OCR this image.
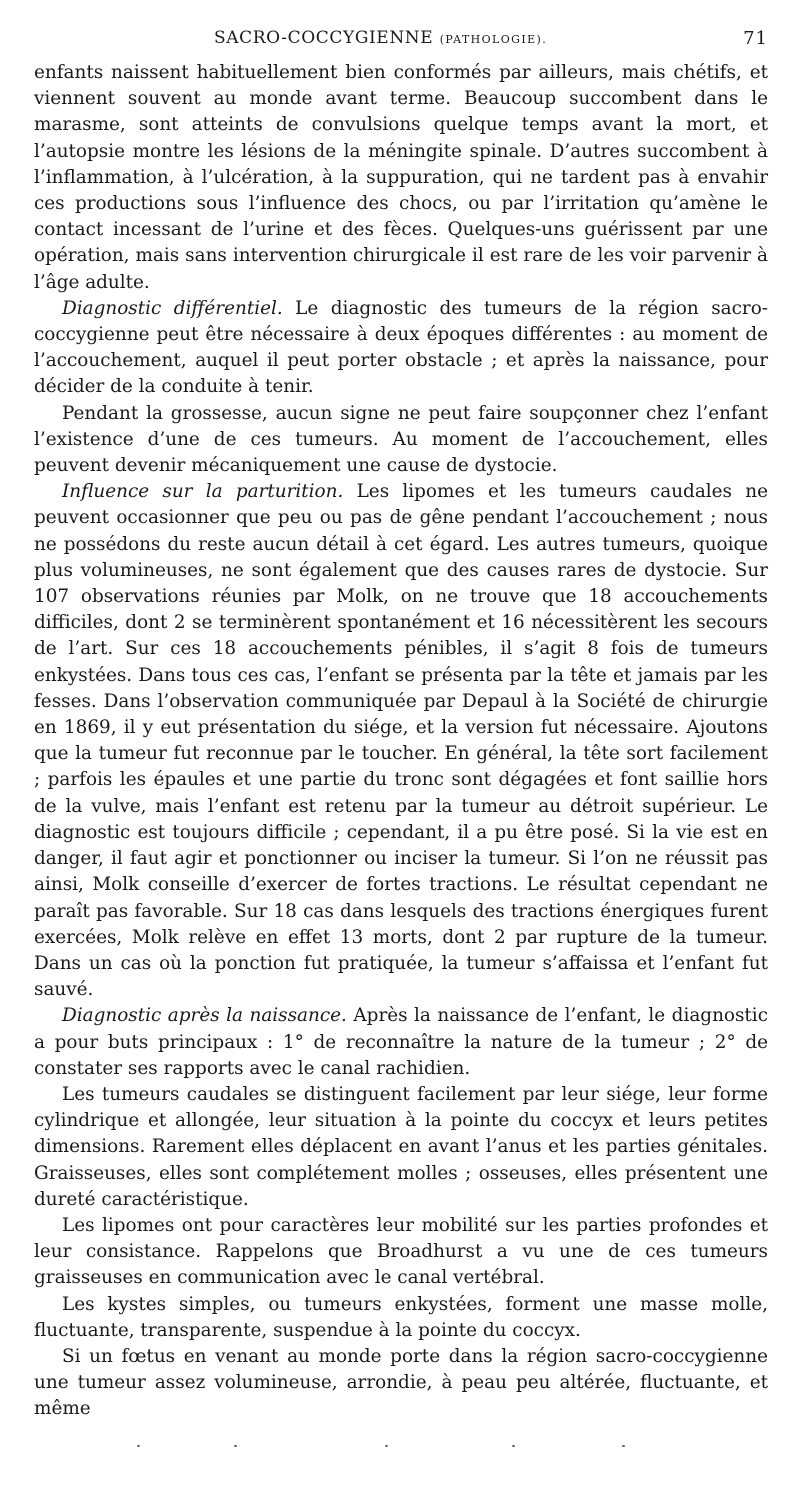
SACRO-COCCYGIENNE (PATHOLOGIE).	71

enfants naissent habituellement bien conformés par ailleurs, mais chétifs, et viennent souvent au monde avant terme. Beaucoup succombent dans le marasme, sont atteints de convulsions quelque temps avant la mort, et l’autopsie montre les lésions de la méningite spinale. D’autres succombent à l’inflammation, à l’ulcération, à la suppuration, qui ne tardent pas à envahir ces productions sous l’influence des chocs, ou par l’irritation qu’amène le contact incessant de l’urine et des fèces. Quelques-uns guérissent par une opération, mais sans intervention chirurgicale il est rare de les voir parvenir à l’âge adulte.

Diagnostic différentiel. Le diagnostic des tumeurs de la région sacro-coccygienne peut être nécessaire à deux époques différentes : au moment de l’accouchement, auquel il peut porter obstacle ; et après la naissance, pour décider de la conduite à tenir.

Pendant la grossesse, aucun signe ne peut faire soupçonner chez l’enfant l’existence d’une de ces tumeurs. Au moment de l’accouchement, elles peuvent devenir mécaniquement une cause de dystocie.

Influence sur la parturition. Les lipomes et les tumeurs caudales ne peuvent occasionner que peu ou pas de gêne pendant l’accouchement ; nous ne possédons du reste aucun détail à cet égard. Les autres tumeurs, quoique plus volumineuses, ne sont également que des causes rares de dystocie. Sur 107 observations réunies par Molk, on ne trouve que 18 accouchements difficiles, dont 2 se terminèrent spontanément et 16 nécessitèrent les secours de l’art. Sur ces 18 accouchements pénibles, il s’agit 8 fois de tumeurs enkystées. Dans tous ces cas, l’enfant se présenta par la tête et jamais par les fesses. Dans l’observation communiquée par Depaul à la Société de chirurgie en 1869, il y eut présentation du siége, et la version fut nécessaire. Ajoutons que la tumeur fut reconnue par le toucher. En général, la tête sort facilement ; parfois les épaules et une partie du tronc sont dégagées et font saillie hors de la vulve, mais l’enfant est retenu par la tumeur au détroit supérieur. Le diagnostic est toujours difficile ; cependant, il a pu être posé. Si la vie est en danger, il faut agir et ponctionner ou inciser la tumeur. Si l’on ne réussit pas ainsi, Molk conseille d’exercer de fortes tractions. Le résultat cependant ne paraît pas favorable. Sur 18 cas dans lesquels des tractions énergiques furent exercées, Molk relève en effet 13 morts, dont 2 par rupture de la tumeur. Dans un cas où la ponction fut pratiquée, la tumeur s’affaissa et l’enfant fut sauvé.

Diagnostic après la naissance. Après la naissance de l’enfant, le diagnostic a pour buts principaux : 1° de reconnaître la nature de la tumeur ; 2° de constater ses rapports avec le canal rachidien.

Les tumeurs caudales se distinguent facilement par leur siége, leur forme cylindrique et allongée, leur situation à la pointe du coccyx et leurs petites dimensions. Rarement elles déplacent en avant l’anus et les parties génitales. Graisseuses, elles sont complétement molles ; osseuses, elles présentent une dureté caractéristique.

Les lipomes ont pour caractères leur mobilité sur les parties profondes et leur consistance. Rappelons que Broadhurst a vu une de ces tumeurs graisseuses en communication avec le canal vertébral.

Les kystes simples, ou tumeurs enkystées, forment une masse molle, fluctuante, transparente, suspendue à la pointe du coccyx.

Si un fœtus en venant au monde porte dans la région sacro-coccygienne une tumeur assez volumineuse, arrondie, à peau peu altérée, fluctuante, et même
